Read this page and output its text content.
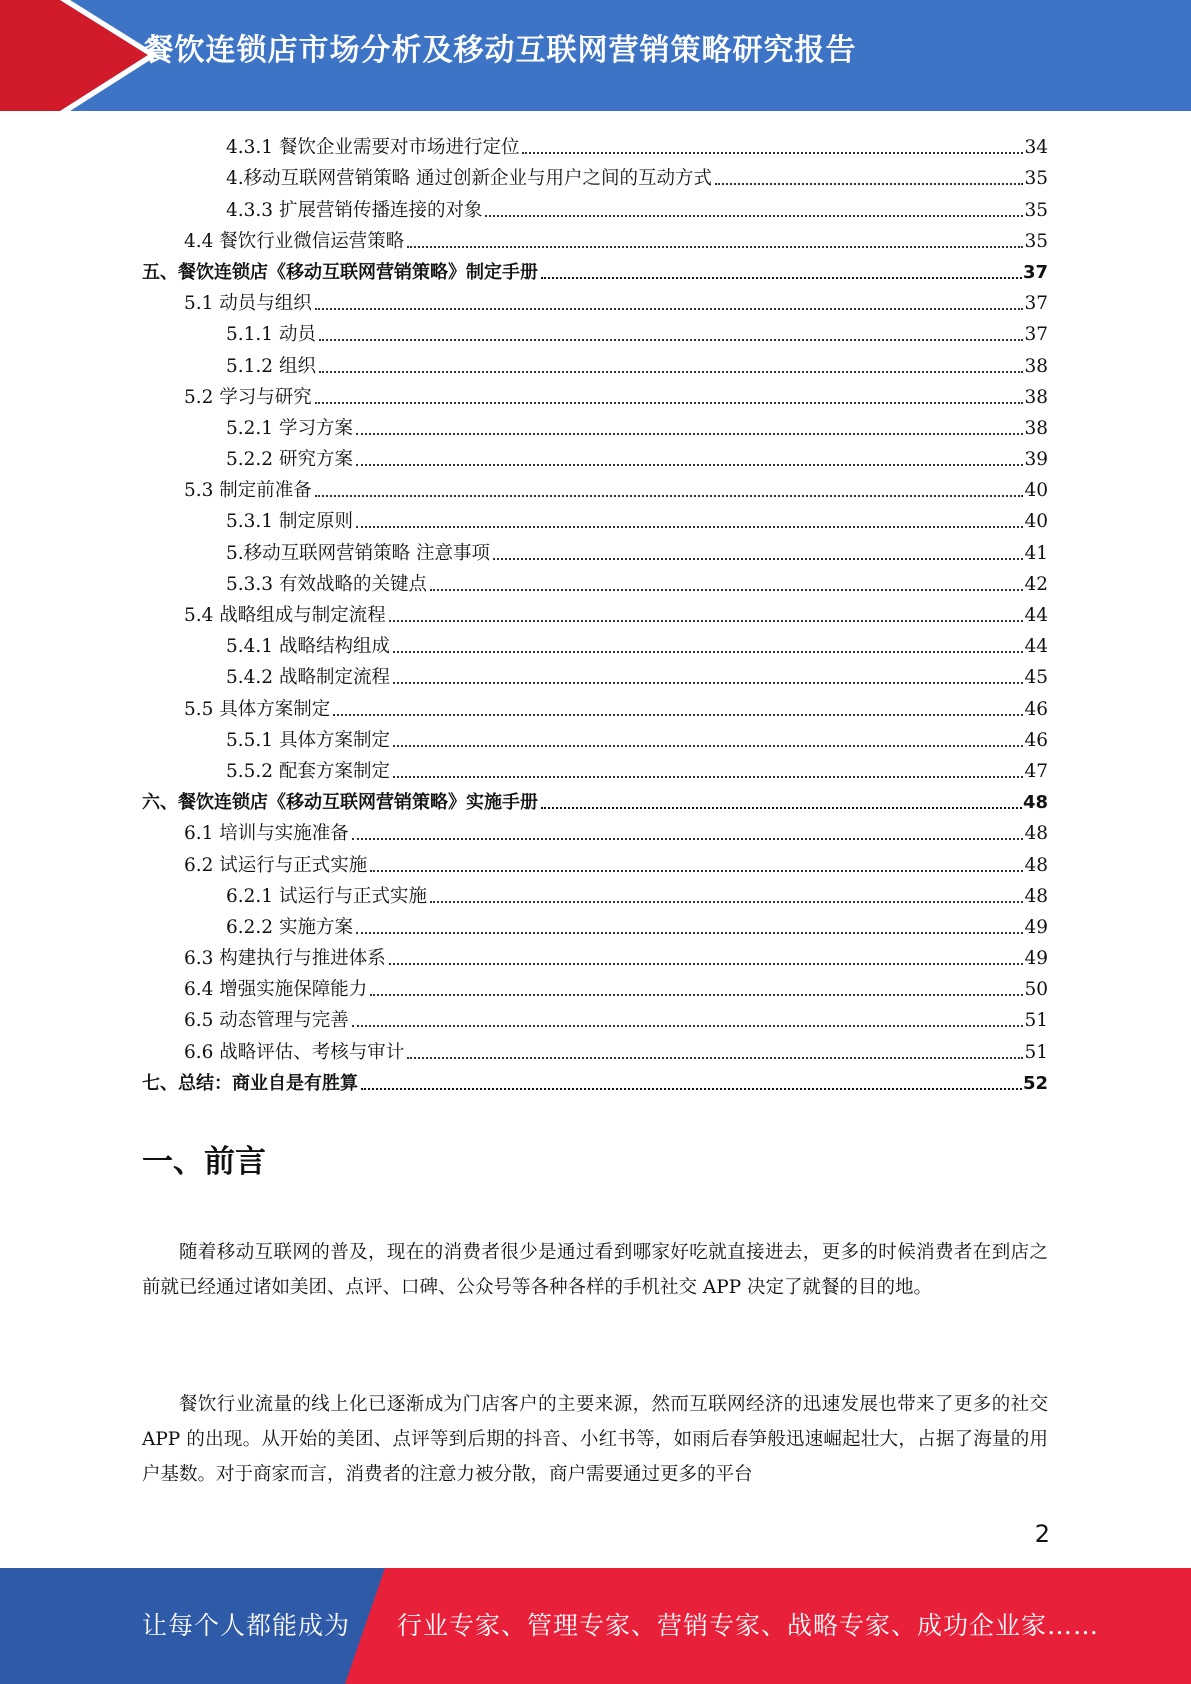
餐饮连锁店市场分析及移动互联网营销策略研究报告
4.3.1 餐饮企业需要对市场进行定位	34
4.移动互联网营销策略 通过创新企业与用户之间的互动方式	35
4.3.3 扩展营销传播连接的对象	35
4.4 餐饮行业微信运营策略	35
五、餐饮连锁店《移动互联网营销策略》制定手册	37
5.1 动员与组织	37
5.1.1 动员	37
5.1.2 组织	38
5.2 学习与研究	38
5.2.1 学习方案	38
5.2.2 研究方案	39
5.3 制定前准备	40
5.3.1 制定原则	40
5.移动互联网营销策略 注意事项	41
5.3.3 有效战略的关键点	42
5.4 战略组成与制定流程	44
5.4.1 战略结构组成	44
5.4.2 战略制定流程	45
5.5 具体方案制定	46
5.5.1 具体方案制定	46
5.5.2 配套方案制定	47
六、餐饮连锁店《移动互联网营销策略》实施手册	48
6.1 培训与实施准备	48
6.2 试运行与正式实施	48
6.2.1 试运行与正式实施	48
6.2.2 实施方案	49
6.3 构建执行与推进体系	49
6.4 增强实施保障能力	50
6.5 动态管理与完善	51
6.6 战略评估、考核与审计	51
七、总结：商业自是有胜算	52
一、前言

随着移动互联网的普及，现在的消费者很少是通过看到哪家好吃就直接进去，更多的时候消费者在到店之前就已经通过诸如美团、点评、口碑、公众号等各种各样的手机社交 APP 决定了就餐的目的地。

餐饮行业流量的线上化已逐渐成为门店客户的主要来源，然而互联网经济的迅速发展也带来了更多的社交 APP 的出现。从开始的美团、点评等到后期的抖音、小红书等，如雨后春笋般迅速崛起壮大，占据了海量的用户基数。对于商家而言，消费者的注意力被分散，商户需要通过更多的平台

2
让每个人都能成为 行业专家、管理专家、营销专家、战略专家、成功企业家……
